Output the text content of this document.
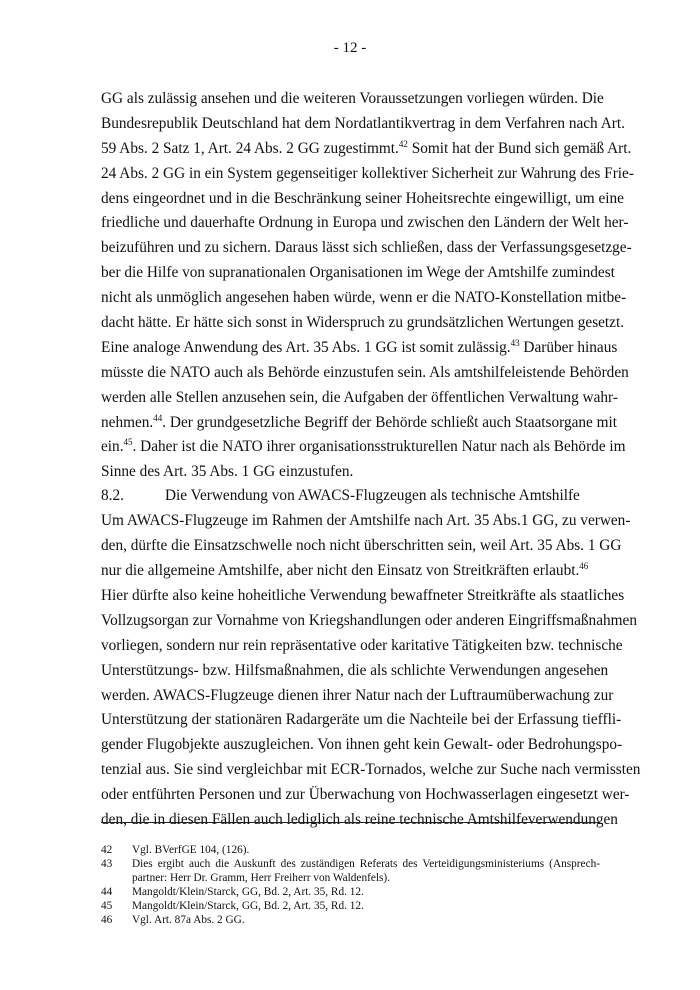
- 12 -
GG als zulässig ansehen und die weiteren Voraussetzungen vorliegen würden. Die
Bundesrepublik Deutschland hat dem Nordatlantikvertrag in dem Verfahren nach Art.
59 Abs. 2 Satz 1, Art. 24 Abs. 2 GG zugestimmt.$^{42}$ Somit hat der Bund sich gemäß Art.
24 Abs. 2 GG in ein System gegenseitiger kollektiver Sicherheit zur Wahrung des Frie-
dens eingeordnet und in die Beschränkung seiner Hoheitsrechte eingewilligt, um eine
friedliche und dauerhafte Ordnung in Europa und zwischen den Ländern der Welt her-
beizuführen und zu sichern. Daraus lässt sich schließen, dass der Verfassungsgesetzge-
ber die Hilfe von supranationalen Organisationen im Wege der Amtshilfe zumindest
nicht als unmöglich angesehen haben würde, wenn er die NATO-Konstellation mitbe-
dacht hätte. Er hätte sich sonst in Widerspruch zu grundsätzlichen Wertungen gesetzt.
Eine analoge Anwendung des Art. 35 Abs. 1 GG ist somit zulässig.$^{43}$ Darüber hinaus
müsste die NATO auch als Behörde einzustufen sein. Als amtshilfeleistende Behörden
werden alle Stellen anzusehen sein, die Aufgaben der öffentlichen Verwaltung wahr-
nehmen.$^{44}$. Der grundgesetzliche Begriff der Behörde schließt auch Staatsorgane mit
ein.$^{45}$. Daher ist die NATO ihrer organisationsstrukturellen Natur nach als Behörde im
Sinne des Art. 35 Abs. 1 GG einzustufen.
8.2.	Die Verwendung von AWACS-Flugzeugen als technische Amtshilfe
Um AWACS-Flugzeuge im Rahmen der Amtshilfe nach Art. 35 Abs.1 GG, zu verwen-
den, dürfte die Einsatzschwelle noch nicht überschritten sein, weil Art. 35 Abs. 1 GG
nur die allgemeine Amtshilfe, aber nicht den Einsatz von Streitkräften erlaubt.$^{46}$
Hier dürfte also keine hoheitliche Verwendung bewaffneter Streitkräfte als staatliches
Vollzugsorgan zur Vornahme von Kriegshandlungen oder anderen Eingriffsmaßnahmen
vorliegen, sondern nur rein repräsentative oder karitative Tätigkeiten bzw. technische
Unterstützungs- bzw. Hilfsmaßnahmen, die als schlichte Verwendungen angesehen
werden. AWACS-Flugzeuge dienen ihrer Natur nach der Luftraumüberwachung zur
Unterstützung der stationären Radargeräte um die Nachteile bei der Erfassung tieffli-
gender Flugobjekte auszugleichen. Von ihnen geht kein Gewalt- oder Bedrohungspo-
tenzial aus. Sie sind vergleichbar mit ECR-Tornados, welche zur Suche nach vermissten
oder entführten Personen und zur Überwachung von Hochwasserlagen eingesetzt wer-
den, die in diesen Fällen auch lediglich als reine technische Amtshilfeverwendungen
42	Vgl. BVerfGE 104, (126).
43	Dies ergibt auch die Auskunft des zuständigen Referats des Verteidigungsministeriums (Ansprech-
partner: Herr Dr. Gramm, Herr Freiherr von Waldenfels).
44	Mangoldt/Klein/Starck, GG, Bd. 2, Art. 35, Rd. 12.
45	Mangoldt/Klein/Starck, GG, Bd. 2, Art. 35, Rd. 12.
46	Vgl. Art. 87a Abs. 2 GG.
